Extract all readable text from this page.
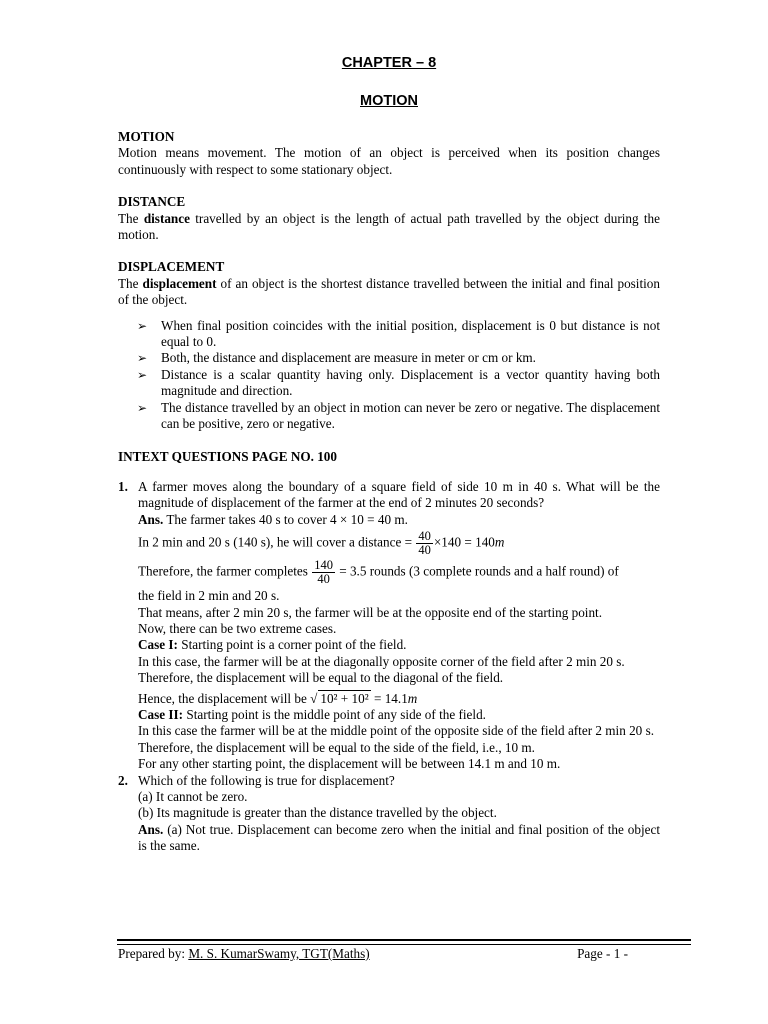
CHAPTER – 8
MOTION
MOTION

Motion means movement. The motion of an object is perceived when its position changes continuously with respect to some stationary object.

DISTANCE

The distance travelled by an object is the length of actual path travelled by the object during the motion.

DISPLACEMENT

The displacement of an object is the shortest distance travelled between the initial and final position of the object.

➢ When final position coincides with the initial position, displacement is 0 but distance is not equal to 0.
➢ Both, the distance and displacement are measure in meter or cm or km.
➢ Distance is a scalar quantity having only. Displacement is a vector quantity having both magnitude and direction.
➢ The distance travelled by an object in motion can never be zero or negative. The displacement can be positive, zero or negative.
INTEXT QUESTIONS PAGE NO. 100
1. A farmer moves along the boundary of a square field of side 10 m in 40 s. What will be the magnitude of displacement of the farmer at the end of 2 minutes 20 seconds?

Ans. The farmer takes 40 s to cover 4 × 10 = 40 m.
In 2 min and 20 s (140 s), he will cover a distance = $\frac{40}{40} \times 140 = 140m$
Therefore, the farmer completes $\frac{140}{40} = 3.5$ rounds (3 complete rounds and a half round) of
the field in 2 min and 20 s.
That means, after 2 min 20 s, the farmer will be at the opposite end of the starting point.
Now, there can be two extreme cases.
Case I: Starting point is a corner point of the field.
In this case, the farmer will be at the diagonally opposite corner of the field after 2 min 20 s.
Therefore, the displacement will be equal to the diagonal of the field.
Hence, the displacement will be √ 10² + 10² = 14.1m
Case II: Starting point is the middle point of any side of the field.
In this case the farmer will be at the middle point of the opposite side of the field after 2 min 20 s.
Therefore, the displacement will be equal to the side of the field, i.e., 10 m.
For any other starting point, the displacement will be between 14.1 m and 10 m.
2. Which of the following is true for displacement?
(a) It cannot be zero.
(b) Its magnitude is greater than the distance travelled by the object.

Ans. (a) Not true. Displacement can become zero when the initial and final position of the object is the same.

Prepared by: M. S. KumarSwamy, TGT(Maths)	Page - 1 -
